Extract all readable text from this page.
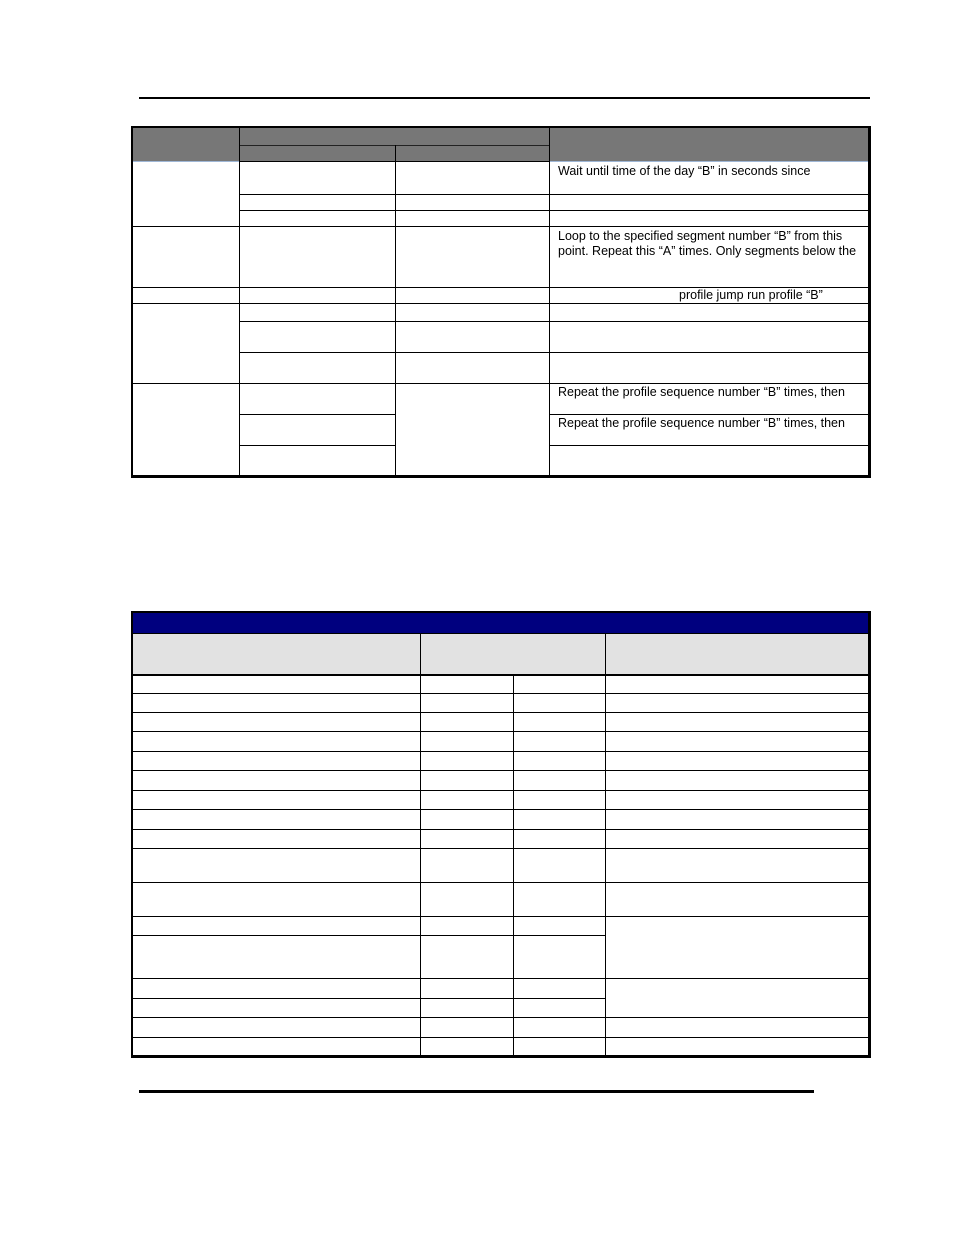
Wait until time of the day “B” in seconds since
Loop to the specified segment number “B” from this
point. Repeat this “A” times. Only segments below the
profile jump run profile “B”
Repeat the profile sequence number “B” times, then
Repeat the profile sequence number “B” times, then
